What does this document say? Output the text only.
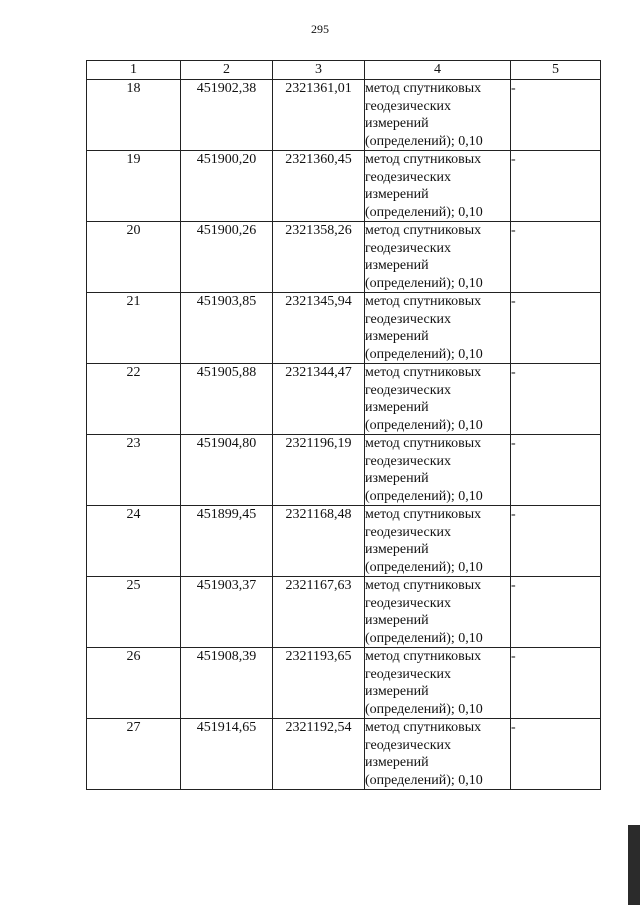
295
1	2	3	4	5
18	451902,38	2321361,01	метод спутниковых
геодезических
измерений
(определений); 0,10	-
19	451900,20	2321360,45	метод спутниковых
геодезических
измерений
(определений); 0,10	-
20	451900,26	2321358,26	метод спутниковых
геодезических
измерений
(определений); 0,10	-
21	451903,85	2321345,94	метод спутниковых
геодезических
измерений
(определений); 0,10	-
22	451905,88	2321344,47	метод спутниковых
геодезических
измерений
(определений); 0,10	-
23	451904,80	2321196,19	метод спутниковых
геодезических
измерений
(определений); 0,10	-
24	451899,45	2321168,48	метод спутниковых
геодезических
измерений
(определений); 0,10	-
25	451903,37	2321167,63	метод спутниковых
геодезических
измерений
(определений); 0,10	-
26	451908,39	2321193,65	метод спутниковых
геодезических
измерений
(определений); 0,10	-
27	451914,65	2321192,54	метод спутниковых
геодезических
измерений
(определений); 0,10	-
